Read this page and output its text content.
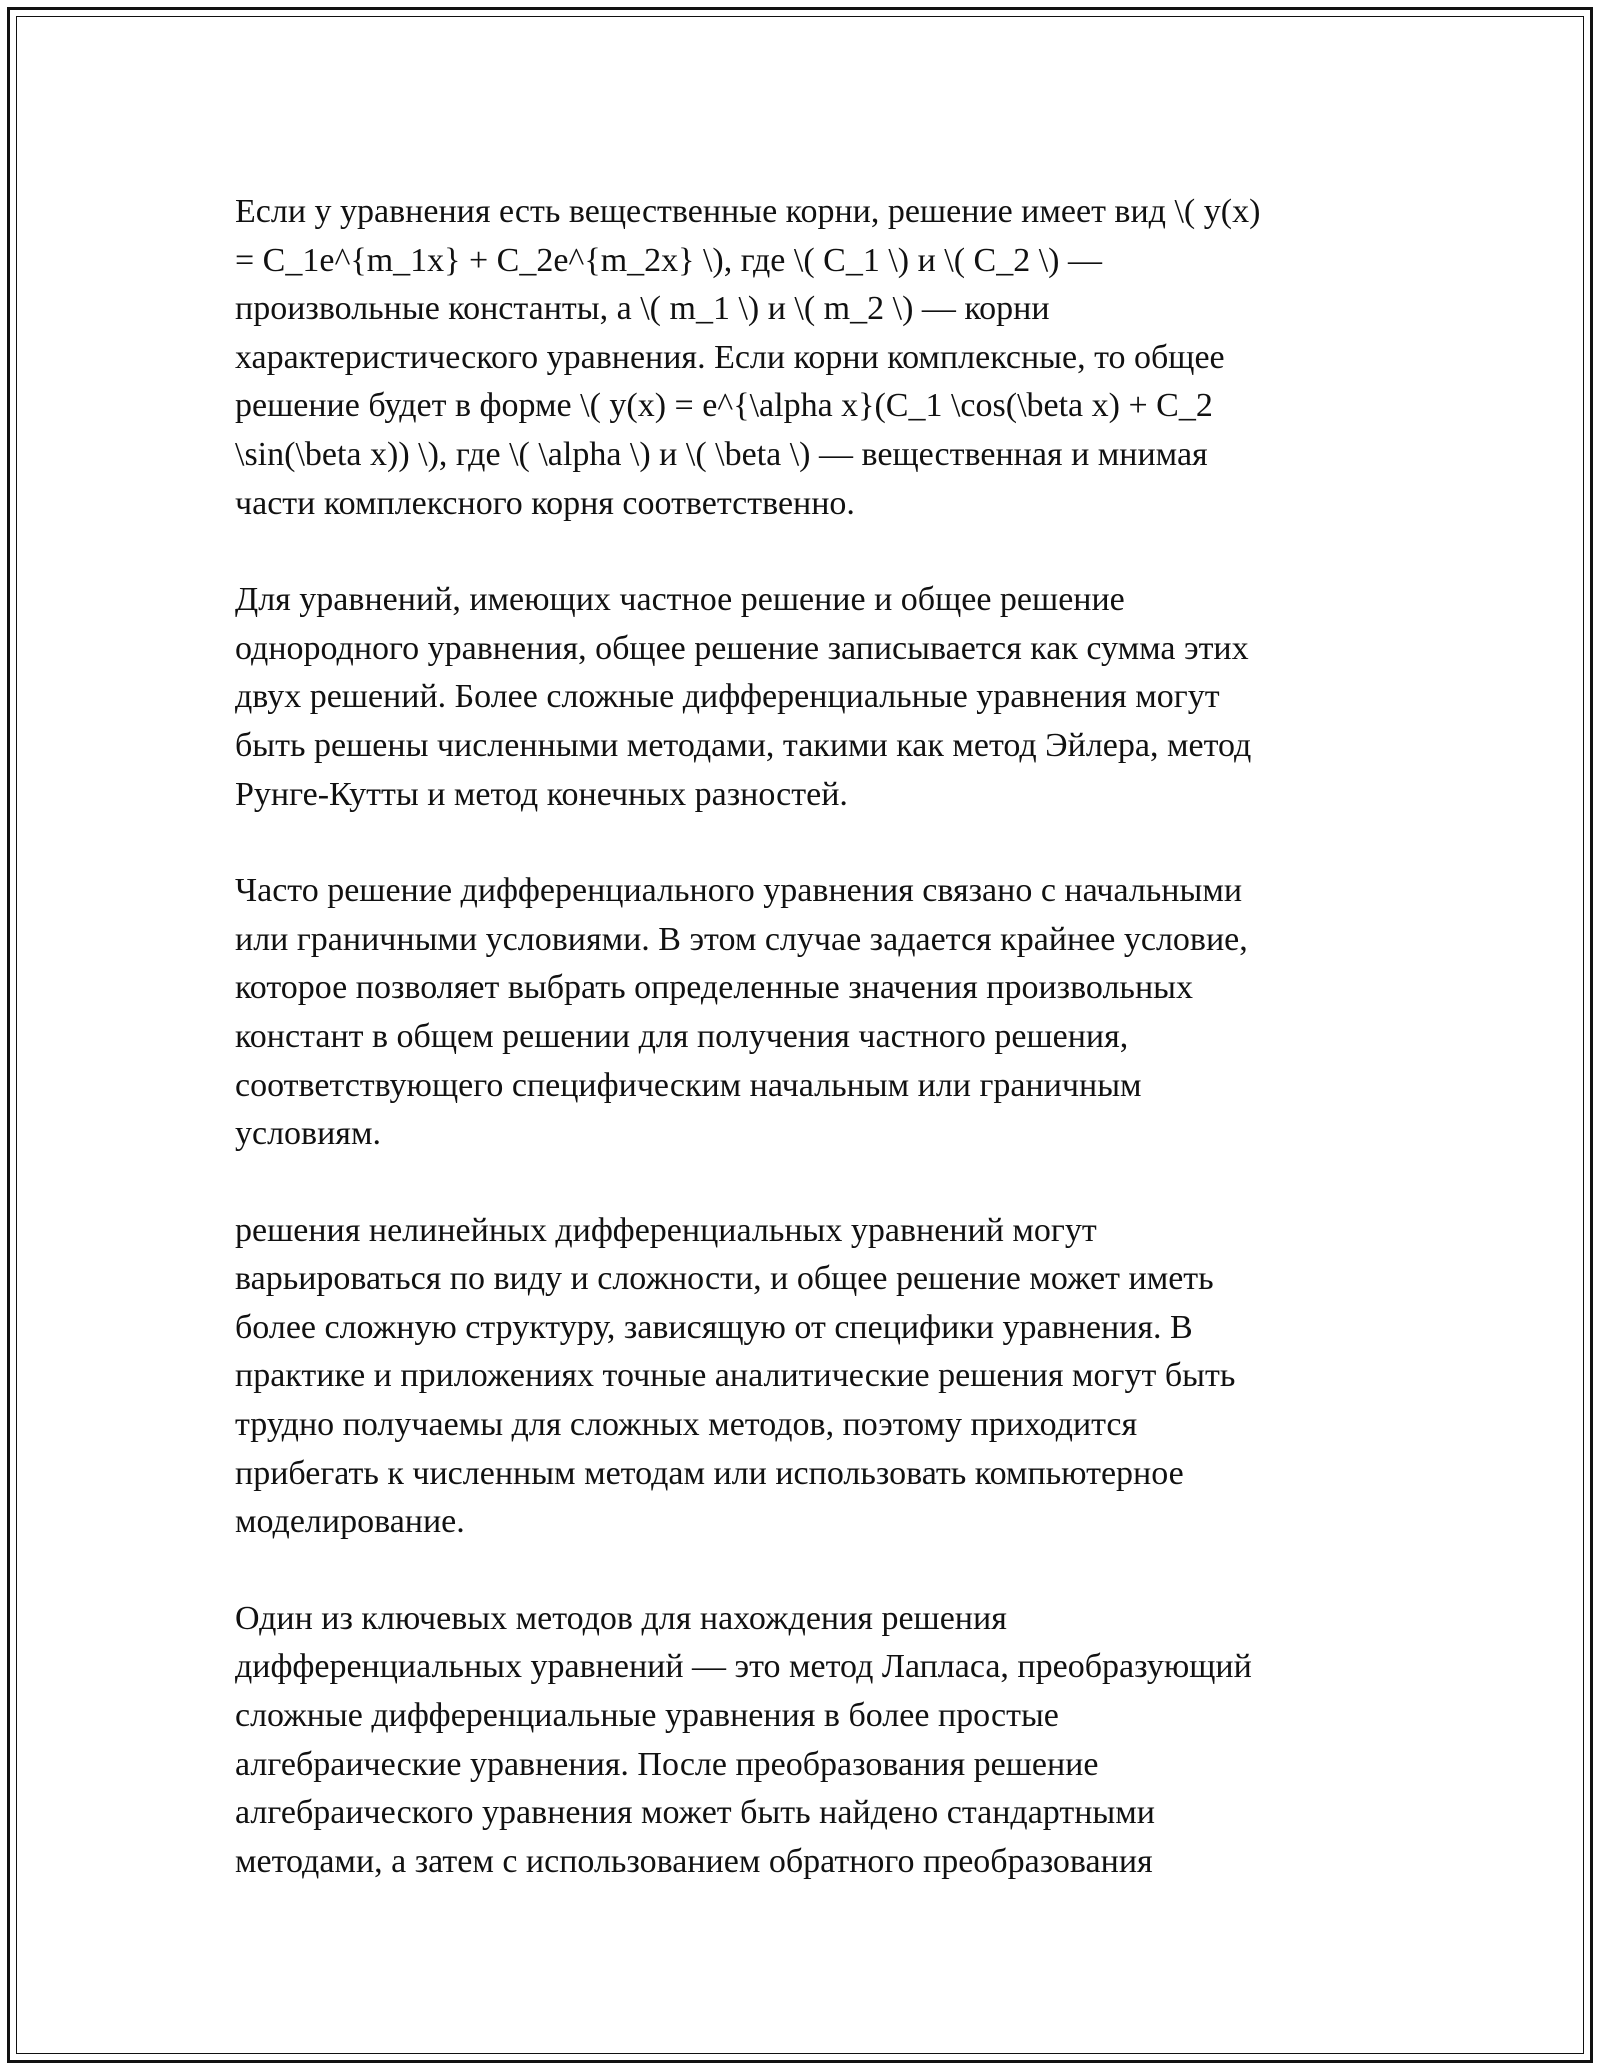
Если у уравнения есть вещественные корни, решение имеет вид \( y(x)
= C_1e^{m_1x} + C_2e^{m_2x} \), где \( C_1 \) и \( C_2 \) —
произвольные константы, а \( m_1 \) и \( m_2 \) — корни
характеристического уравнения. Если корни комплексные, то общее
решение будет в форме \( y(x) = e^{\alpha x}(C_1 \cos(\beta x) + C_2
\sin(\beta x)) \), где \( \alpha \) и \( \beta \) — вещественная и мнимая
части комплексного корня соответственно.

Для уравнений, имеющих частное решение и общее решение
однородного уравнения, общее решение записывается как сумма этих
двух решений. Более сложные дифференциальные уравнения могут
быть решены численными методами, такими как метод Эйлера, метод
Рунге-Кутты и метод конечных разностей.

Часто решение дифференциального уравнения связано с начальными
или граничными условиями. В этом случае задается крайнее условие,
которое позволяет выбрать определенные значения произвольных
констант в общем решении для получения частного решения,
соответствующего специфическим начальным или граничным
условиям.

решения нелинейных дифференциальных уравнений могут
варьироваться по виду и сложности, и общее решение может иметь
более сложную структуру, зависящую от специфики уравнения. В
практике и приложениях точные аналитические решения могут быть
трудно получаемы для сложных методов, поэтому приходится
прибегать к численным методам или использовать компьютерное
моделирование.

Один из ключевых методов для нахождения решения
дифференциальных уравнений — это метод Лапласа, преобразующий
сложные дифференциальные уравнения в более простые
алгебраические уравнения. После преобразования решение
алгебраического уравнения может быть найдено стандартными
методами, а затем с использованием обратного преобразования
